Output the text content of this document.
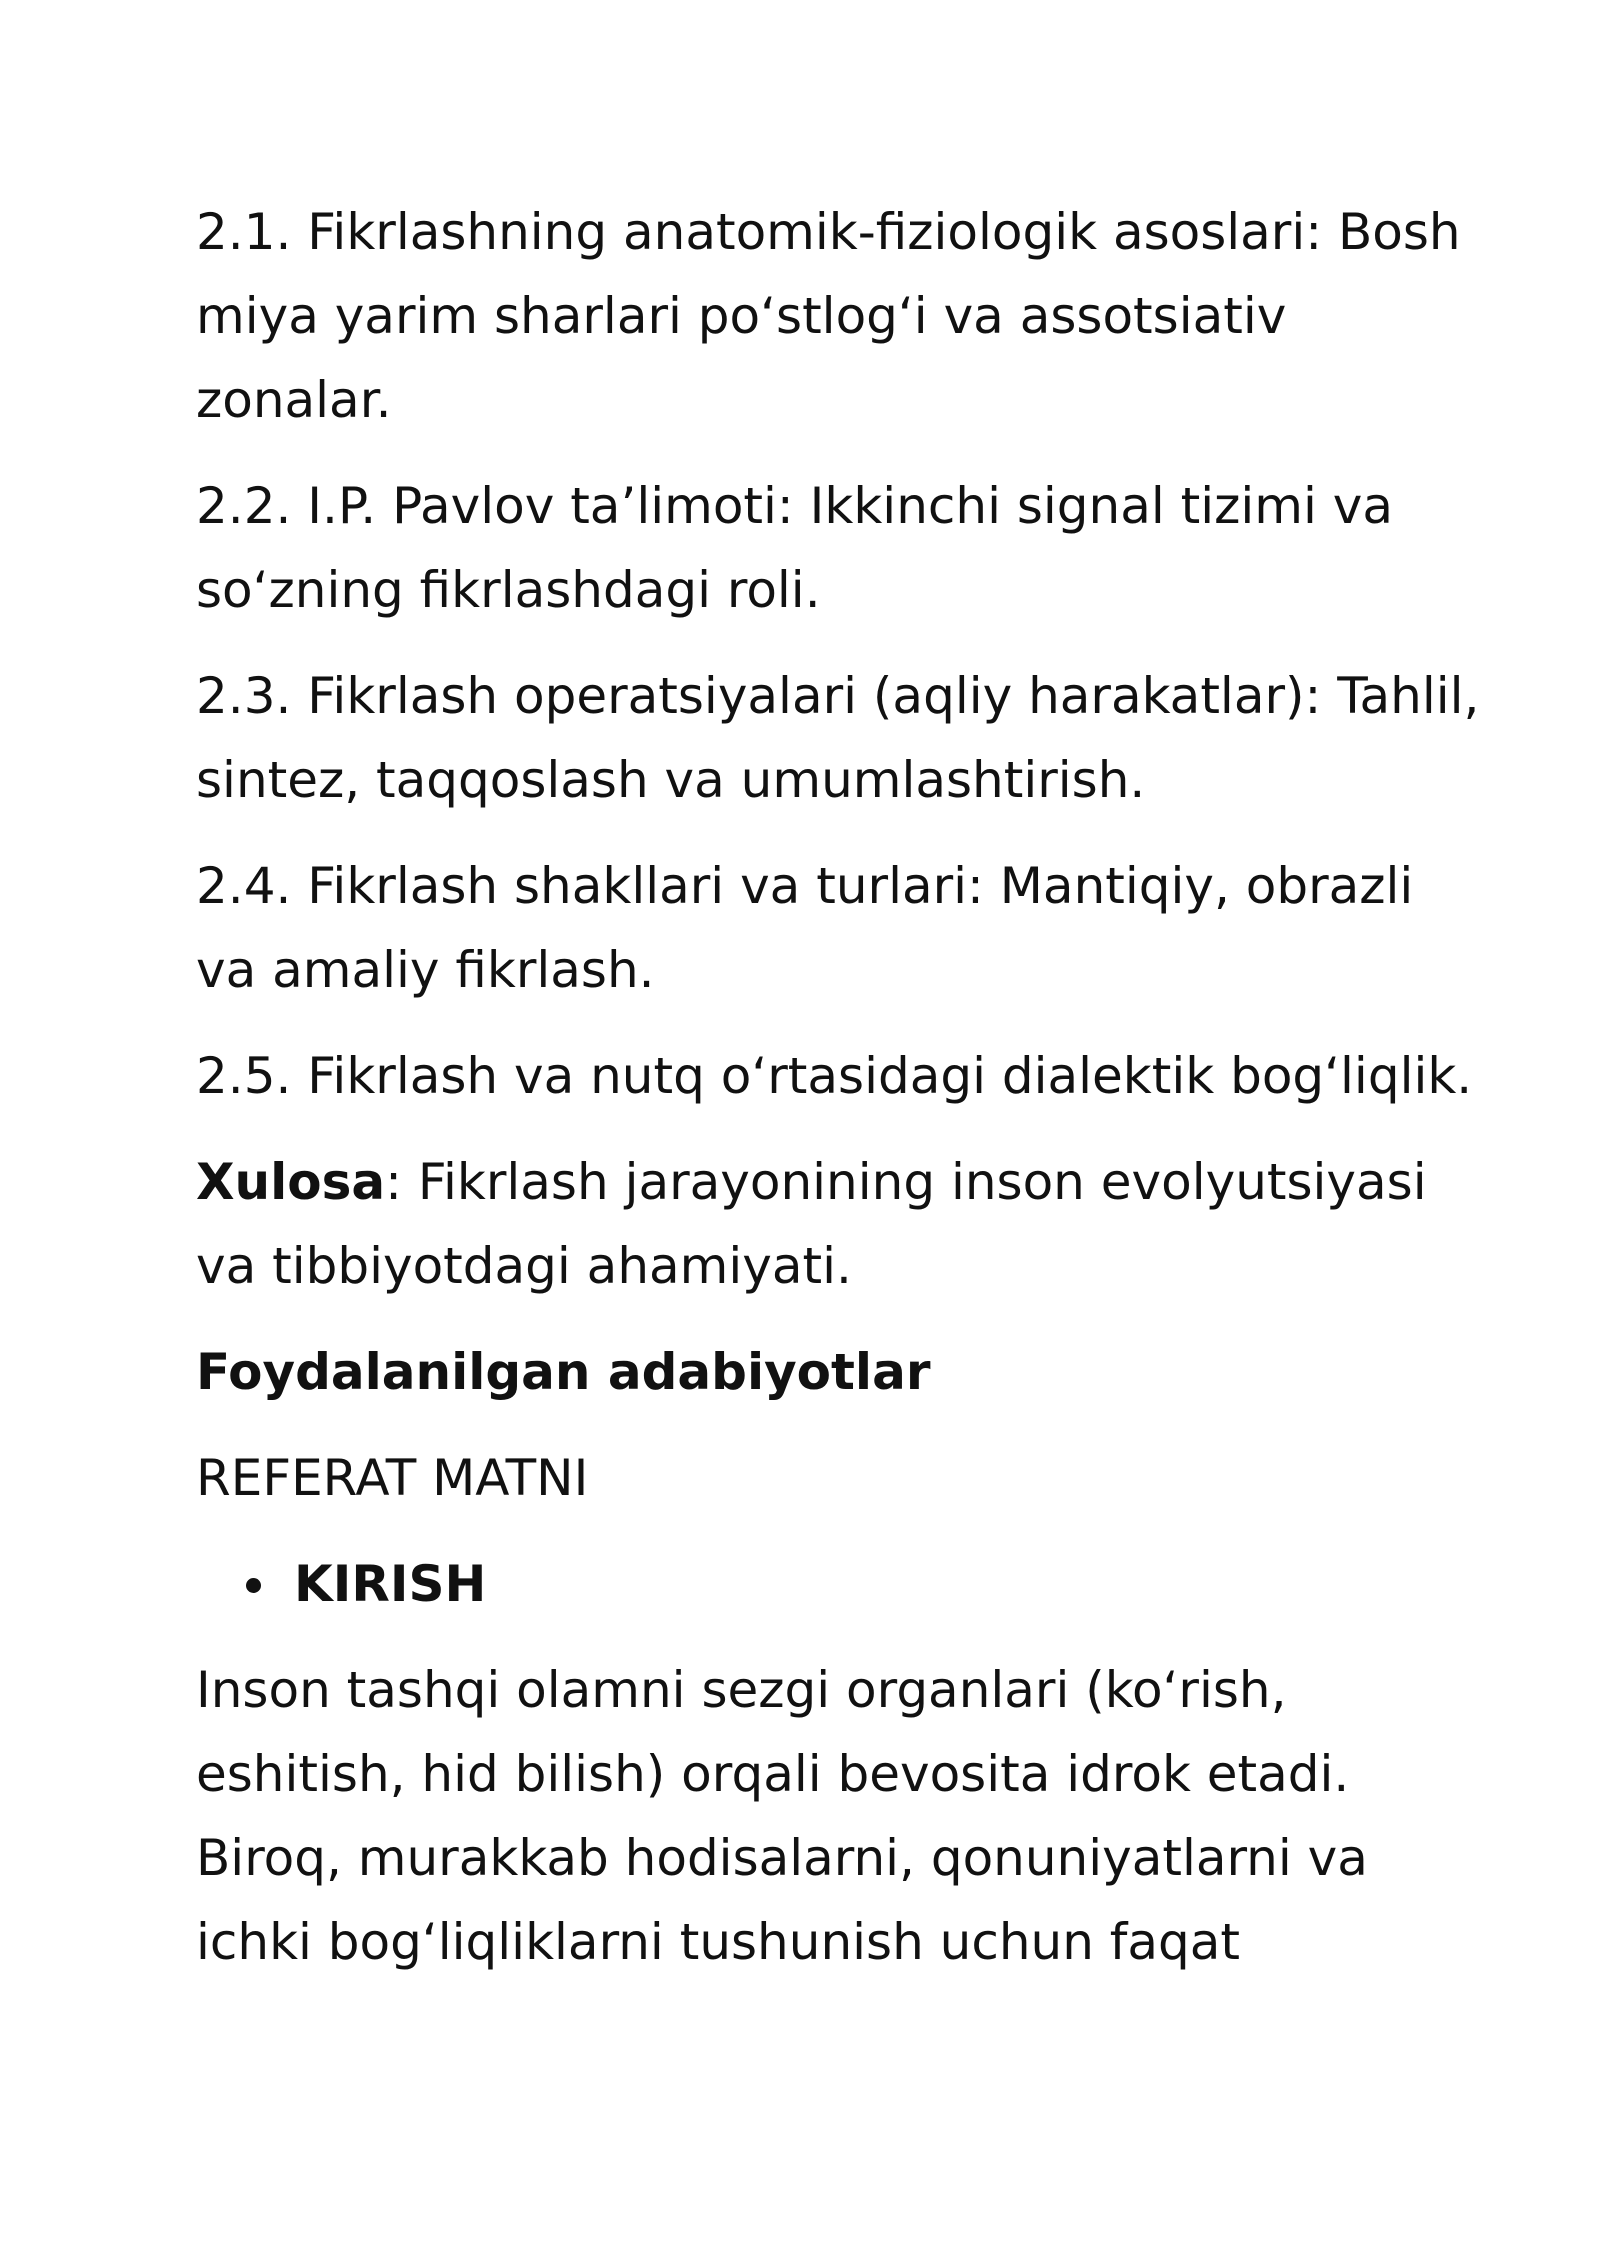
2.1. Fikrlashning anatomik-fiziologik asoslari: Bosh miya yarim sharlari po‘stlog‘i va assotsiativ zonalar.

2.2. I.P. Pavlov ta’limoti: Ikkinchi signal tizimi va so‘zning fikrlashdagi roli.

2.3. Fikrlash operatsiyalari (aqliy harakatlar): Tahlil, sintez, taqqoslash va umumlashtirish.

2.4. Fikrlash shakllari va turlari: Mantiqiy, obrazli va amaliy fikrlash.

2.5. Fikrlash va nutq o‘rtasidagi dialektik bog‘liqlik.

Xulosa: Fikrlash jarayonining inson evolyutsiyasi va tibbiyotdagi ahamiyati.

Foydalanilgan adabiyotlar

REFERAT MATNI

KIRISH

Inson tashqi olamni sezgi organlari (ko‘rish, eshitish, hid bilish) orqali bevosita idrok etadi. Biroq, murakkab hodisalarni, qonuniyatlarni va ichki bog‘liqliklarni tushunish uchun faqat
